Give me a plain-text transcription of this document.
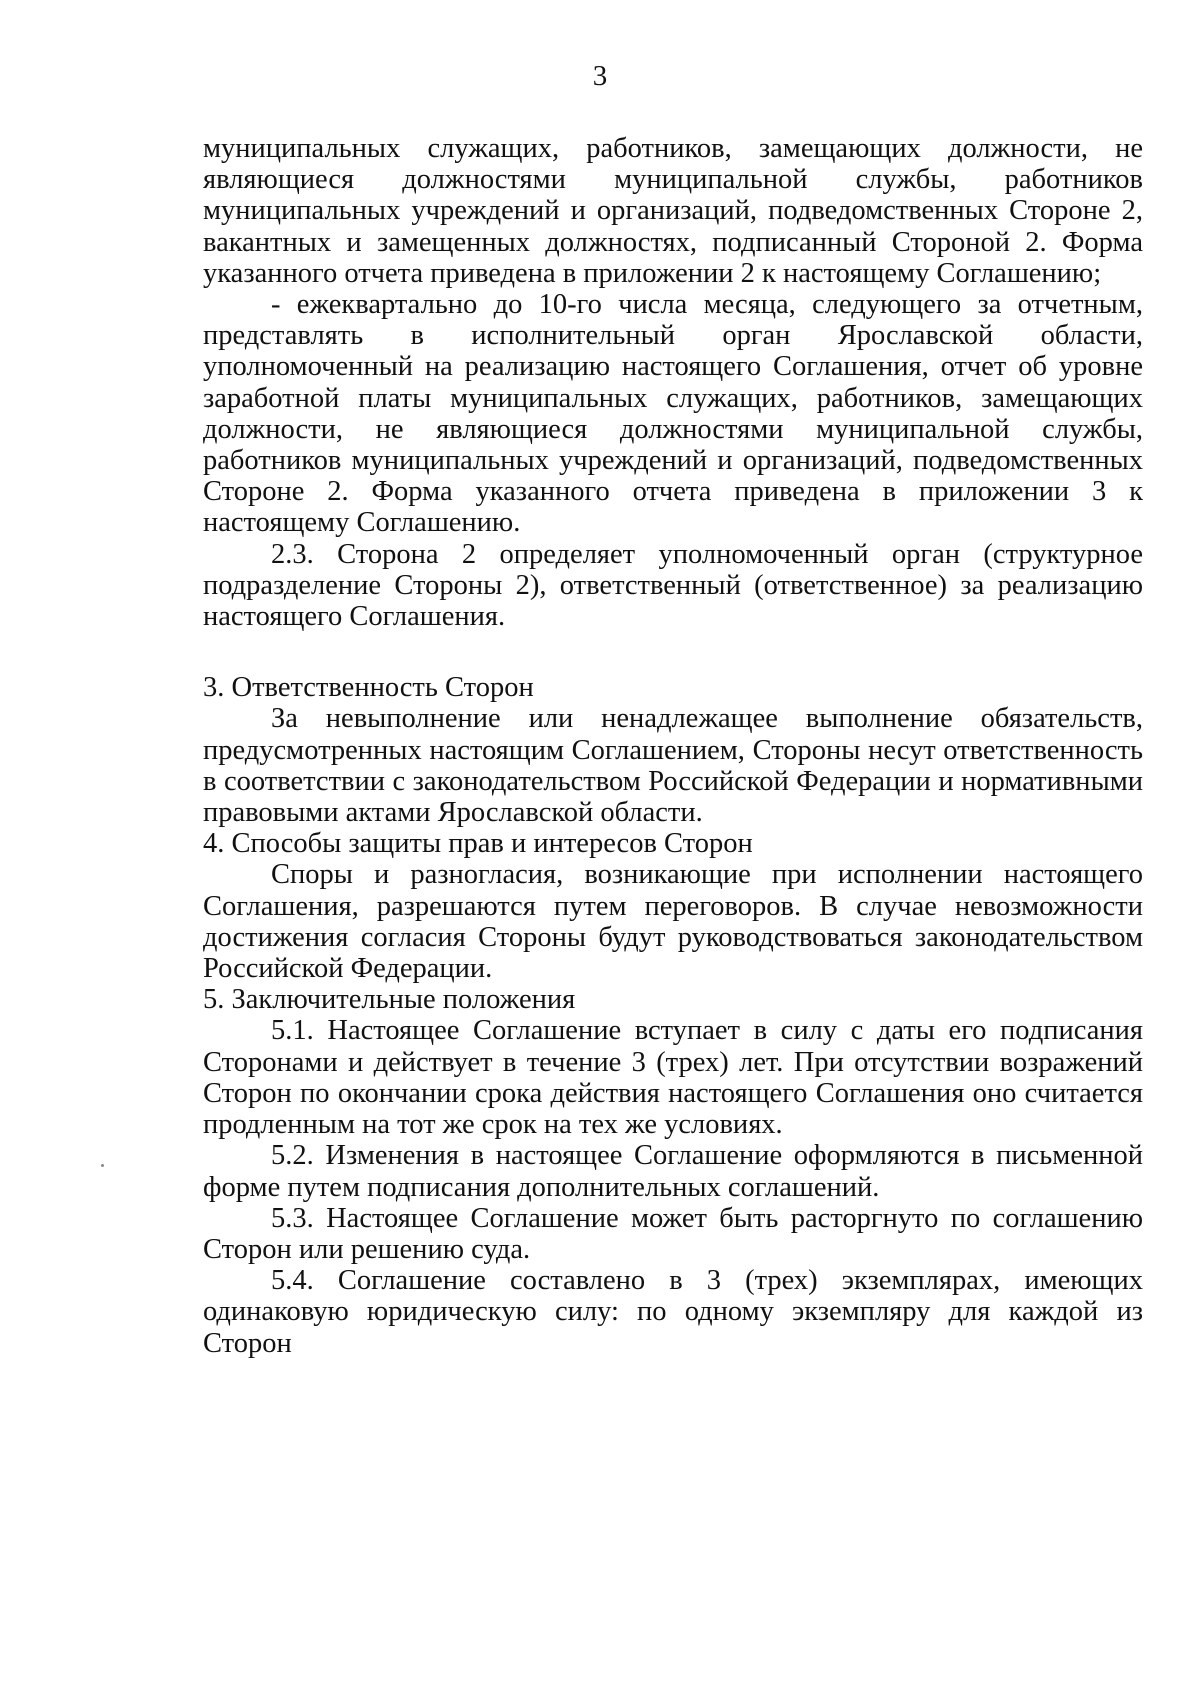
3

муниципальных служащих, работников, замещающих должности, не являющиеся должностями муниципальной службы, работников муниципальных учреждений и организаций, подведомственных Стороне 2, вакантных и замещенных должностях, подписанный Стороной 2. Форма указанного отчета приведена в приложении 2 к настоящему Соглашению;

- ежеквартально до 10-го числа месяца, следующего за отчетным, представлять в исполнительный орган Ярославской области, уполномоченный на реализацию настоящего Соглашения, отчет об уровне заработной платы муниципальных служащих, работников, замещающих должности, не являющиеся должностями муниципальной службы, работников муниципальных учреждений и организаций, подведомственных Стороне 2. Форма указанного отчета приведена в приложении 3 к настоящему Соглашению.

2.3. Сторона 2 определяет уполномоченный орган (структурное подразделение Стороны 2), ответственный (ответственное) за реализацию настоящего Соглашения.

3. Ответственность Сторон

За невыполнение или ненадлежащее выполнение обязательств, предусмотренных настоящим Соглашением, Стороны несут ответственность в соответствии с законодательством Российской Федерации и нормативными правовыми актами Ярославской области.

4. Способы защиты прав и интересов Сторон

Споры и разногласия, возникающие при исполнении настоящего Соглашения, разрешаются путем переговоров. В случае невозможности достижения согласия Стороны будут руководствоваться законодательством Российской Федерации.

5. Заключительные положения

5.1. Настоящее Соглашение вступает в силу с даты его подписания Сторонами и действует в течение 3 (трех) лет. При отсутствии возражений Сторон по окончании срока действия настоящего Соглашения оно считается продленным на тот же срок на тех же условиях.

5.2. Изменения в настоящее Соглашение оформляются в письменной форме путем подписания дополнительных соглашений.

5.3. Настоящее Соглашение может быть расторгнуто по соглашению Сторон или решению суда.

5.4. Соглашение составлено в 3 (трех) экземплярах, имеющих одинаковую юридическую силу: по одному экземпляру для каждой из Сторон
